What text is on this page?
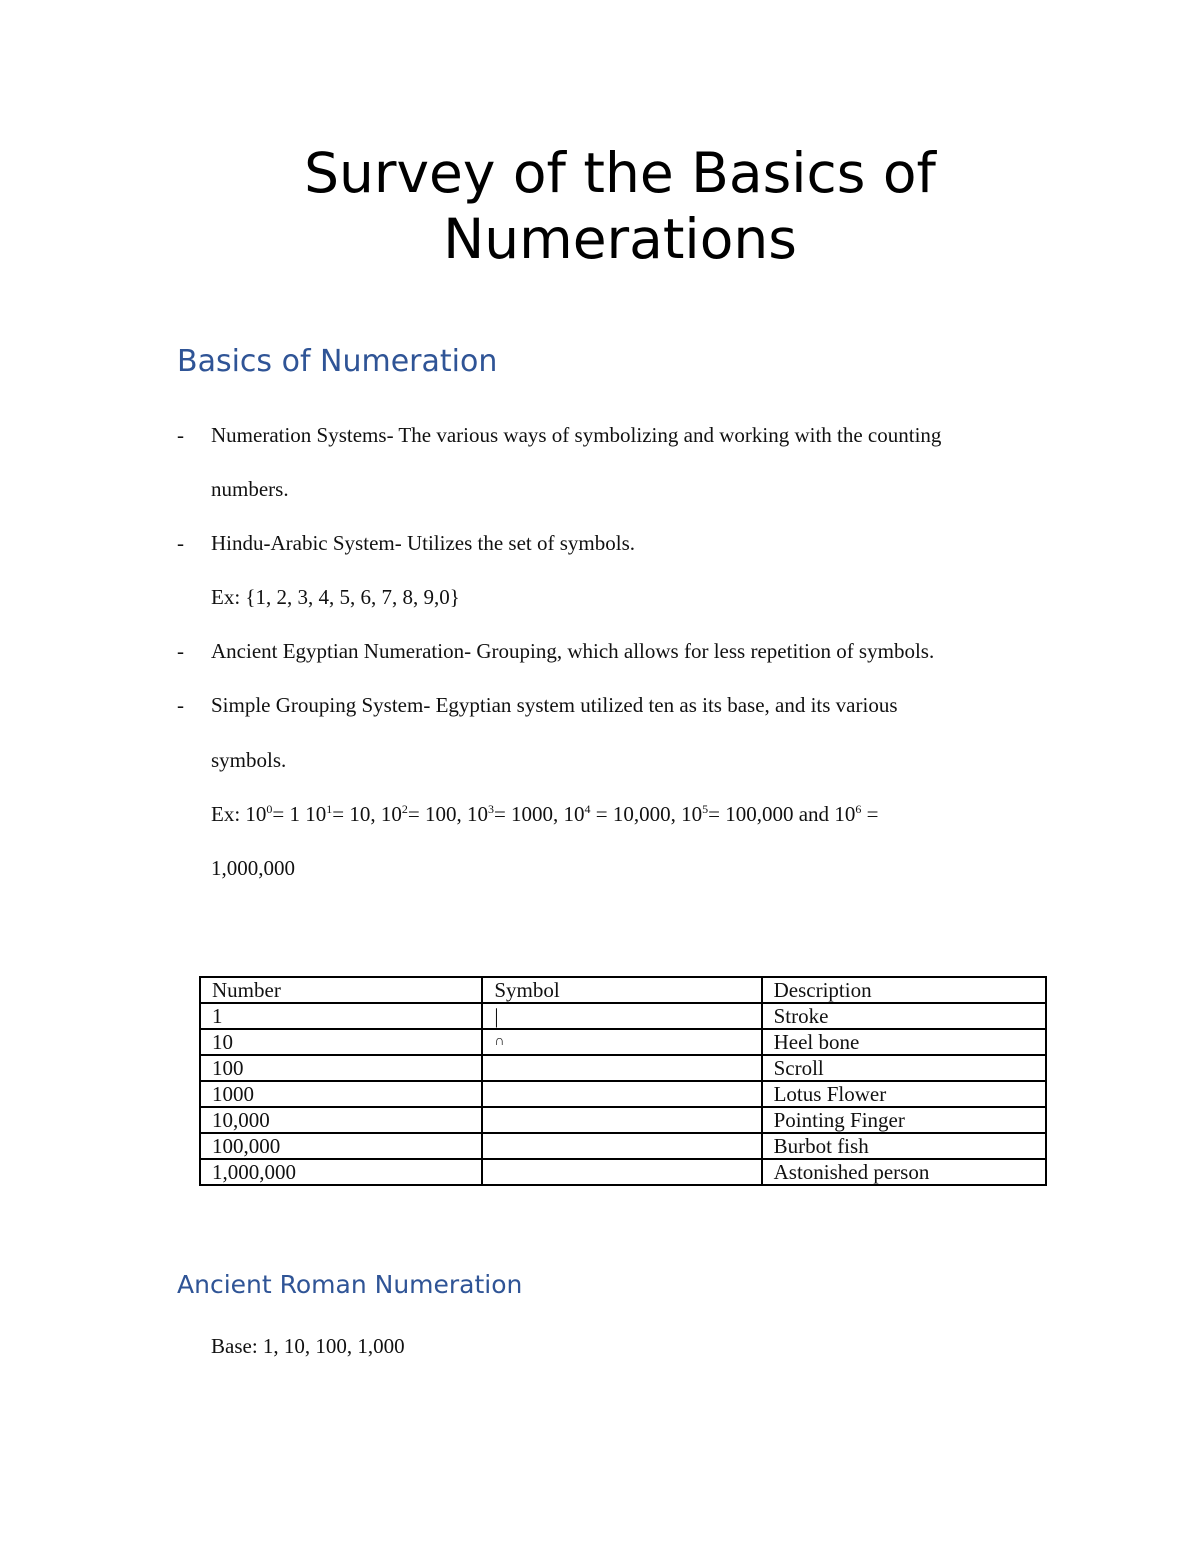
Survey of the Basics of
Numerations
Basics of Numeration
- Numeration Systems- The various ways of symbolizing and working with the counting
numbers.
- Hindu-Arabic System- Utilizes the set of symbols.
Ex: {1, 2, 3, 4, 5, 6, 7, 8, 9,0}
- Ancient Egyptian Numeration- Grouping, which allows for less repetition of symbols.
- Simple Grouping System- Egyptian system utilized ten as its base, and its various
symbols.
Ex: $10^0= 1$ $10^1= 10$, $10^2= 100$, $10^3= 1000$, $10^4 = 10,000$, $10^5= 100,000$ and $10^6$ =
1,000,000
Number	Symbol	Description
1	|	Stroke
10	∩	Heel bone
100		Scroll
1000		Lotus Flower
10,000		Pointing Finger
100,000		Burbot fish
1,000,000		Astonished person
Ancient Roman Numeration
Base: 1, 10, 100, 1,000
